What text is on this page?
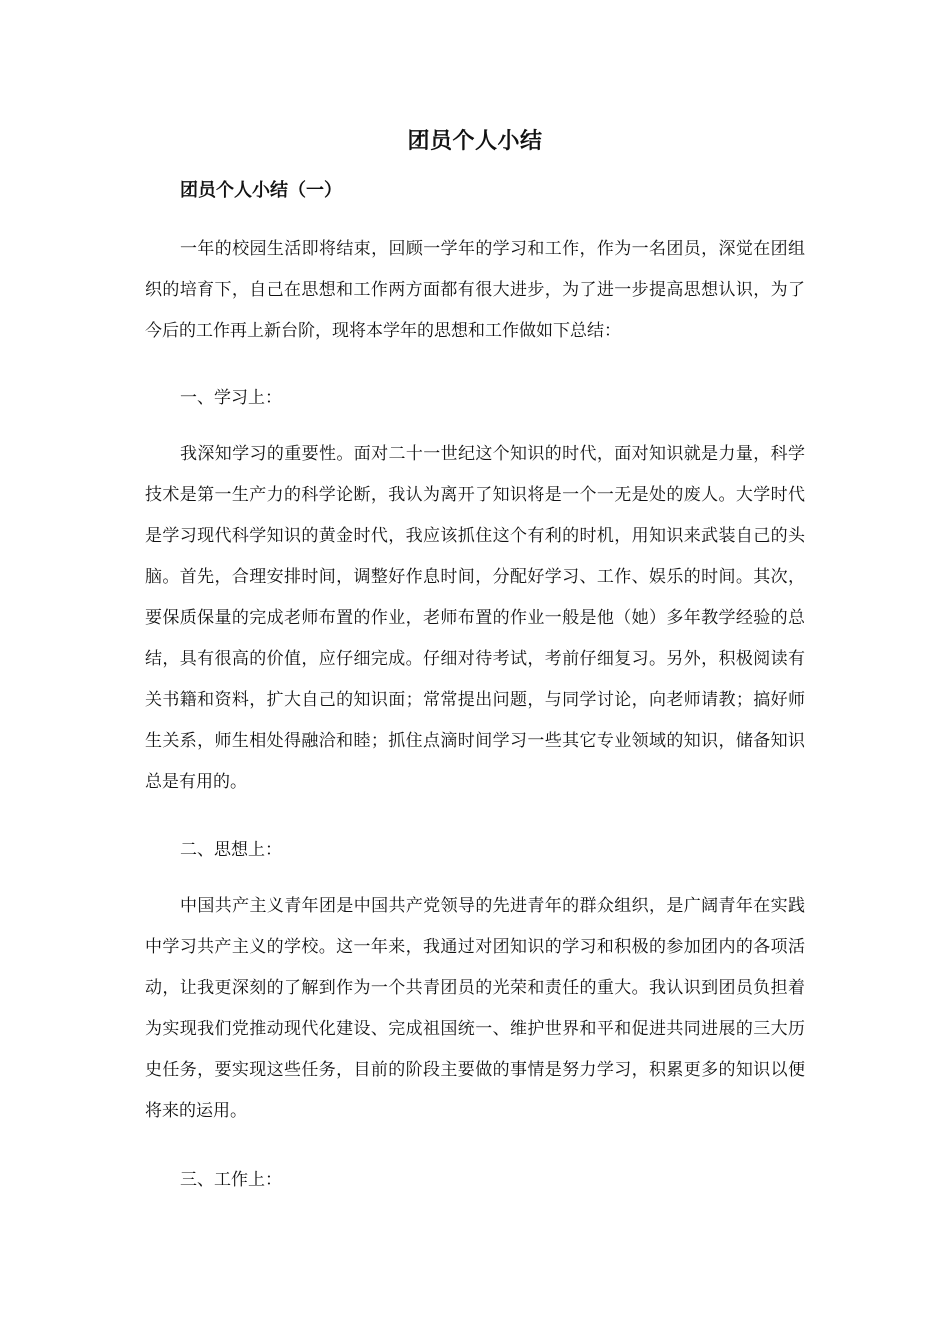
团员个人小结
团员个人小结（一）

一年的校园生活即将结束，回顾一学年的学习和工作，作为一名团员，深觉在团组织的培育下，自己在思想和工作两方面都有很大进步，为了进一步提高思想认识，为了今后的工作再上新台阶，现将本学年的思想和工作做如下总结：

一、学习上：

我深知学习的重要性。面对二十一世纪这个知识的时代，面对知识就是力量，科学技术是第一生产力的科学论断，我认为离开了知识将是一个一无是处的废人。大学时代是学习现代科学知识的黄金时代，我应该抓住这个有利的时机，用知识来武装自己的头脑。首先，合理安排时间，调整好作息时间，分配好学习、工作、娱乐的时间。其次，要保质保量的完成老师布置的作业，老师布置的作业一般是他（她）多年教学经验的总结，具有很高的价值，应仔细完成。仔细对待考试，考前仔细复习。另外，积极阅读有关书籍和资料，扩大自己的知识面；常常提出问题，与同学讨论，向老师请教；搞好师生关系，师生相处得融洽和睦；抓住点滴时间学习一些其它专业领域的知识，储备知识总是有用的。

二、思想上：

中国共产主义青年团是中国共产党领导的先进青年的群众组织，是广阔青年在实践中学习共产主义的学校。这一年来，我通过对团知识的学习和积极的参加团内的各项活动，让我更深刻的了解到作为一个共青团员的光荣和责任的重大。我认识到团员负担着为实现我们党推动现代化建设、完成祖国统一、维护世界和平和促进共同进展的三大历史任务，要实现这些任务，目前的阶段主要做的事情是努力学习，积累更多的知识以便将来的运用。

三、工作上：
